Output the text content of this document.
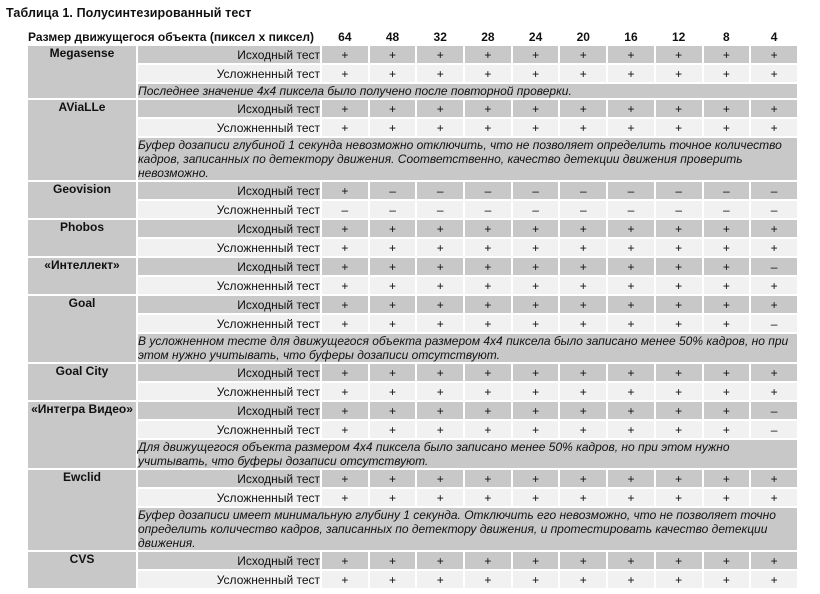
Таблица 1. Полусинтезированный тест
Размер движущегося объекта (пиксел х пиксел)		64	48	32	28	24	20	16	12	8	4
Megasense	Исходный тест	+	+	+	+	+	+	+	+	+	+
	Усложненный тест	+	+	+	+	+	+	+	+	+	+
	Последнее значение 4х4 пиксела было получено после повторной проверки.										
AViaLLe	Исходный тест	+	+	+	+	+	+	+	+	+	+
	Усложненный тест	+	+	+	+	+	+	+	+	+	+
	Буфер дозаписи глубиной 1 секунда невозможно отключить, что не позволяет определить точное количество кадров, записанных по детектору движения. Соответственно, качество детекции движения проверить невозможно.										
Geovision	Исходный тест	+	–	–	–	–	–	–	–	–	–
	Усложненный тест	–	–	–	–	–	–	–	–	–	–
Phobos	Исходный тест	+	+	+	+	+	+	+	+	+	+
	Усложненный тест	+	+	+	+	+	+	+	+	+	+
«Интеллект»	Исходный тест	+	+	+	+	+	+	+	+	+	–
	Усложненный тест	+	+	+	+	+	+	+	+	+	+
Goal	Исходный тест	+	+	+	+	+	+	+	+	+	+
	Усложненный тест	+	+	+	+	+	+	+	+	+	–
	В усложненном тесте для движущегося объекта размером 4х4 пиксела было записано менее 50% кадров, но при этом нужно учитывать, что буферы дозаписи отсутствуют.										
Goal City	Исходный тест	+	+	+	+	+	+	+	+	+	+
	Усложненный тест	+	+	+	+	+	+	+	+	+	+
«Интегра Видео»	Исходный тест	+	+	+	+	+	+	+	+	+	–
	Усложненный тест	+	+	+	+	+	+	+	+	+	–
	Для движущегося объекта размером 4х4 пиксела было записано менее 50% кадров, но при этом нужно учитывать, что буферы дозаписи отсутствуют.										
Ewclid	Исходный тест	+	+	+	+	+	+	+	+	+	+
	Усложненный тест	+	+	+	+	+	+	+	+	+	+
	Буфер дозаписи имеет минимальную глубину 1 секунда. Отключить его невозможно, что не позволяет точно определить количество кадров, записанных по детектору движения, и протестировать качество детекции движения.										
CVS	Исходный тест	+	+	+	+	+	+	+	+	+	+
	Усложненный тест	+	+	+	+	+	+	+	+	+	+
